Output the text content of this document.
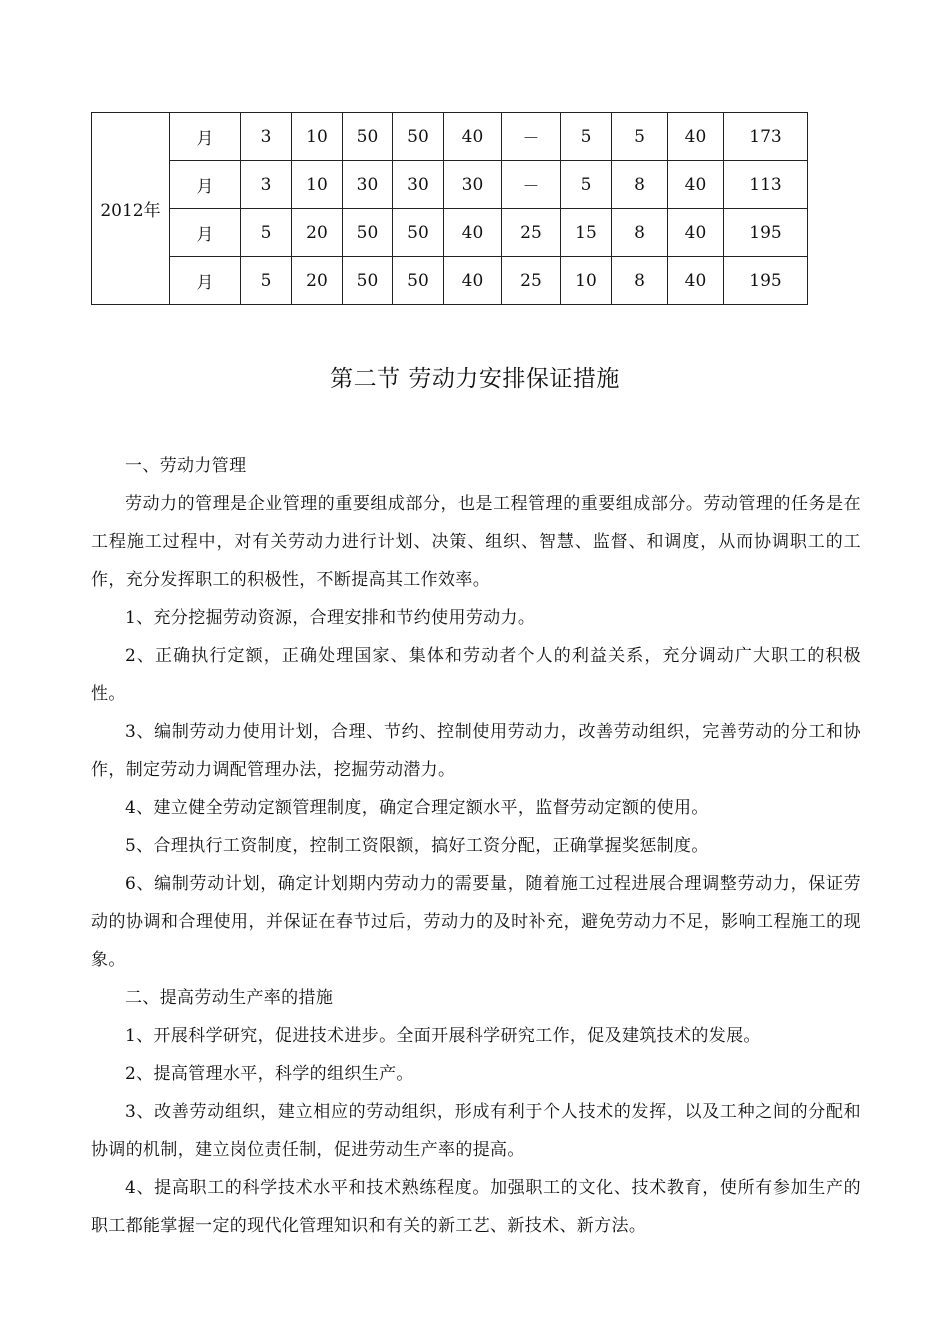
2012年	月	3	10	50	50	40	－	5	5	40	173
	月	3	10	30	30	30	－	5	8	40	113
	月	5	20	50	50	40	25	15	8	40	195
	月	5	20	50	50	40	25	10	8	40	195
第二节 劳动力安排保证措施

一、劳动力管理

劳动力的管理是企业管理的重要组成部分，也是工程管理的重要组成部分。劳动管理的任务是在工程施工过程中，对有关劳动力进行计划、决策、组织、智慧、监督、和调度，从而协调职工的工作，充分发挥职工的积极性，不断提高其工作效率。

1、充分挖掘劳动资源，合理安排和节约使用劳动力。

2、正确执行定额，正确处理国家、集体和劳动者个人的利益关系，充分调动广大职工的积极性。

3、编制劳动力使用计划，合理、节约、控制使用劳动力，改善劳动组织，完善劳动的分工和协作，制定劳动力调配管理办法，挖掘劳动潜力。

4、建立健全劳动定额管理制度，确定合理定额水平，监督劳动定额的使用。

5、合理执行工资制度，控制工资限额，搞好工资分配，正确掌握奖惩制度。

6、编制劳动计划，确定计划期内劳动力的需要量，随着施工过程进展合理调整劳动力，保证劳动的协调和合理使用，并保证在春节过后，劳动力的及时补充，避免劳动力不足，影响工程施工的现象。

二、提高劳动生产率的措施

1、开展科学研究，促进技术进步。全面开展科学研究工作，促及建筑技术的发展。

2、提高管理水平，科学的组织生产。

3、改善劳动组织，建立相应的劳动组织，形成有利于个人技术的发挥，以及工种之间的分配和协调的机制，建立岗位责任制，促进劳动生产率的提高。

4、提高职工的科学技术水平和技术熟练程度。加强职工的文化、技术教育，使所有参加生产的职工都能掌握一定的现代化管理知识和有关的新工艺、新技术、新方法。
